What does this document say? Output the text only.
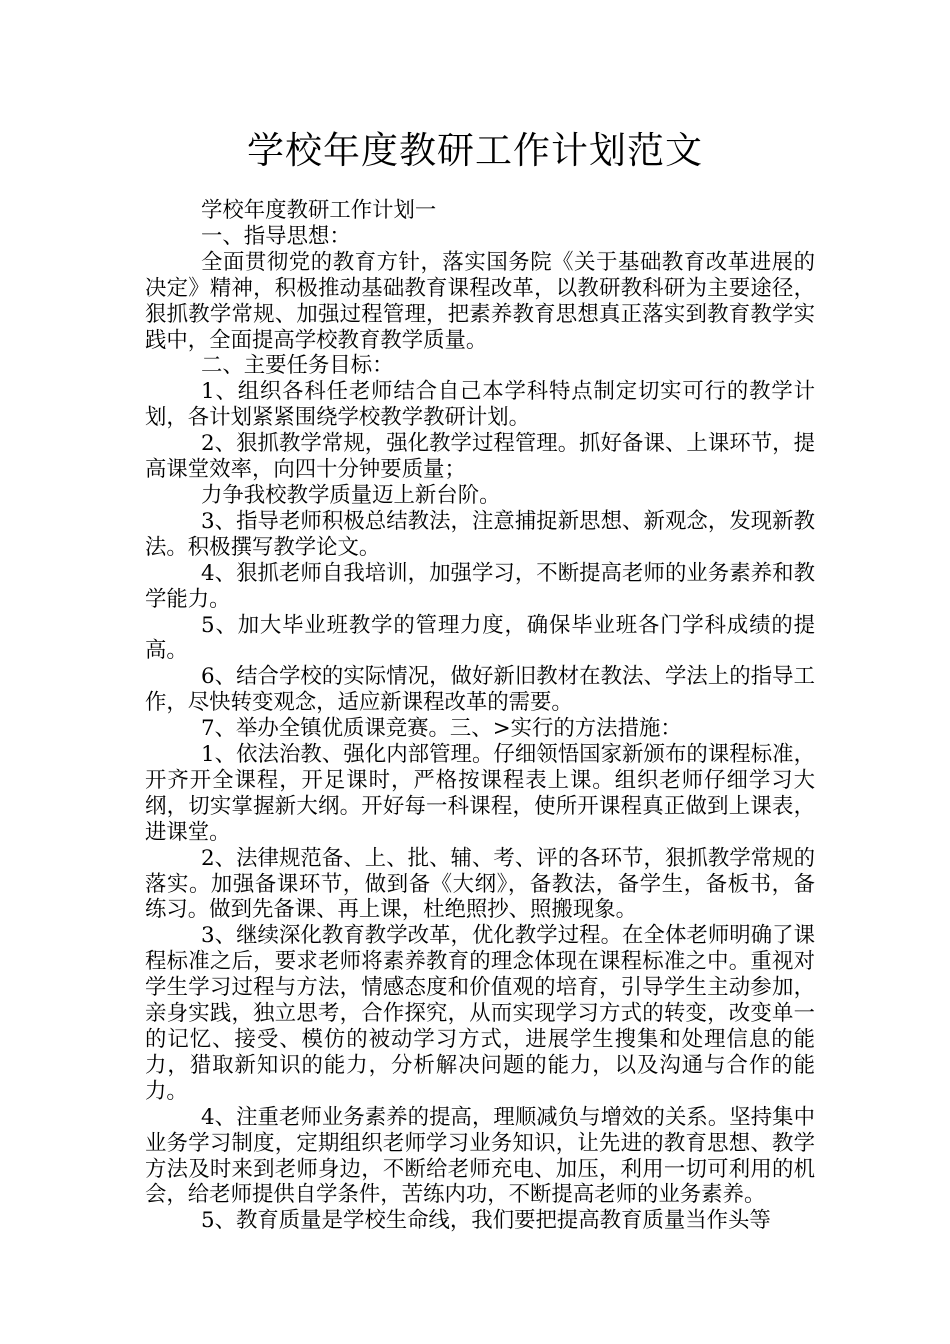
学校年度教研工作计划范文

学校年度教研工作计划一

一、指导思想：

全面贯彻党的教育方针，落实国务院《关于基础教育改革进展的决定》精神，积极推动基础教育课程改革，以教研教科研为主要途径，狠抓教学常规、加强过程管理，把素养教育思想真正落实到教育教学实践中，全面提高学校教育教学质量。

二、主要任务目标：

1、组织各科任老师结合自己本学科特点制定切实可行的教学计划，各计划紧紧围绕学校教学教研计划。

2、狠抓教学常规，强化教学过程管理。抓好备课、上课环节，提高课堂效率，向四十分钟要质量；

力争我校教学质量迈上新台阶。

3、指导老师积极总结教法，注意捕捉新思想、新观念，发现新教法。积极撰写教学论文。

4、狠抓老师自我培训，加强学习，不断提高老师的业务素养和教学能力。

5、加大毕业班教学的管理力度，确保毕业班各门学科成绩的提高。

6、结合学校的实际情况，做好新旧教材在教法、学法上的指导工作，尽快转变观念，适应新课程改革的需要。

7、举办全镇优质课竞赛。三、>实行的方法措施：

1、依法治教、强化内部管理。仔细领悟国家新颁布的课程标准，开齐开全课程，开足课时，严格按课程表上课。组织老师仔细学习大纲，切实掌握新大纲。开好每一科课程，使所开课程真正做到上课表，进课堂。

2、法律规范备、上、批、辅、考、评的各环节，狠抓教学常规的落实。加强备课环节，做到备《大纲》，备教法，备学生，备板书，备练习。做到先备课、再上课，杜绝照抄、照搬现象。

3、继续深化教育教学改革，优化教学过程。在全体老师明确了课程标准之后，要求老师将素养教育的理念体现在课程标准之中。重视对学生学习过程与方法，情感态度和价值观的培育，引导学生主动参加，亲身实践，独立思考，合作探究，从而实现学习方式的转变，改变单一的记忆、接受、模仿的被动学习方式，进展学生搜集和处理信息的能力，猎取新知识的能力，分析解决问题的能力，以及沟通与合作的能力。

4、注重老师业务素养的提高，理顺减负与增效的关系。坚持集中业务学习制度，定期组织老师学习业务知识，让先进的教育思想、教学方法及时来到老师身边，不断给老师充电、加压，利用一切可利用的机会，给老师提供自学条件，苦练内功，不断提高老师的业务素养。

5、教育质量是学校生命线，我们要把提高教育质量当作头等
